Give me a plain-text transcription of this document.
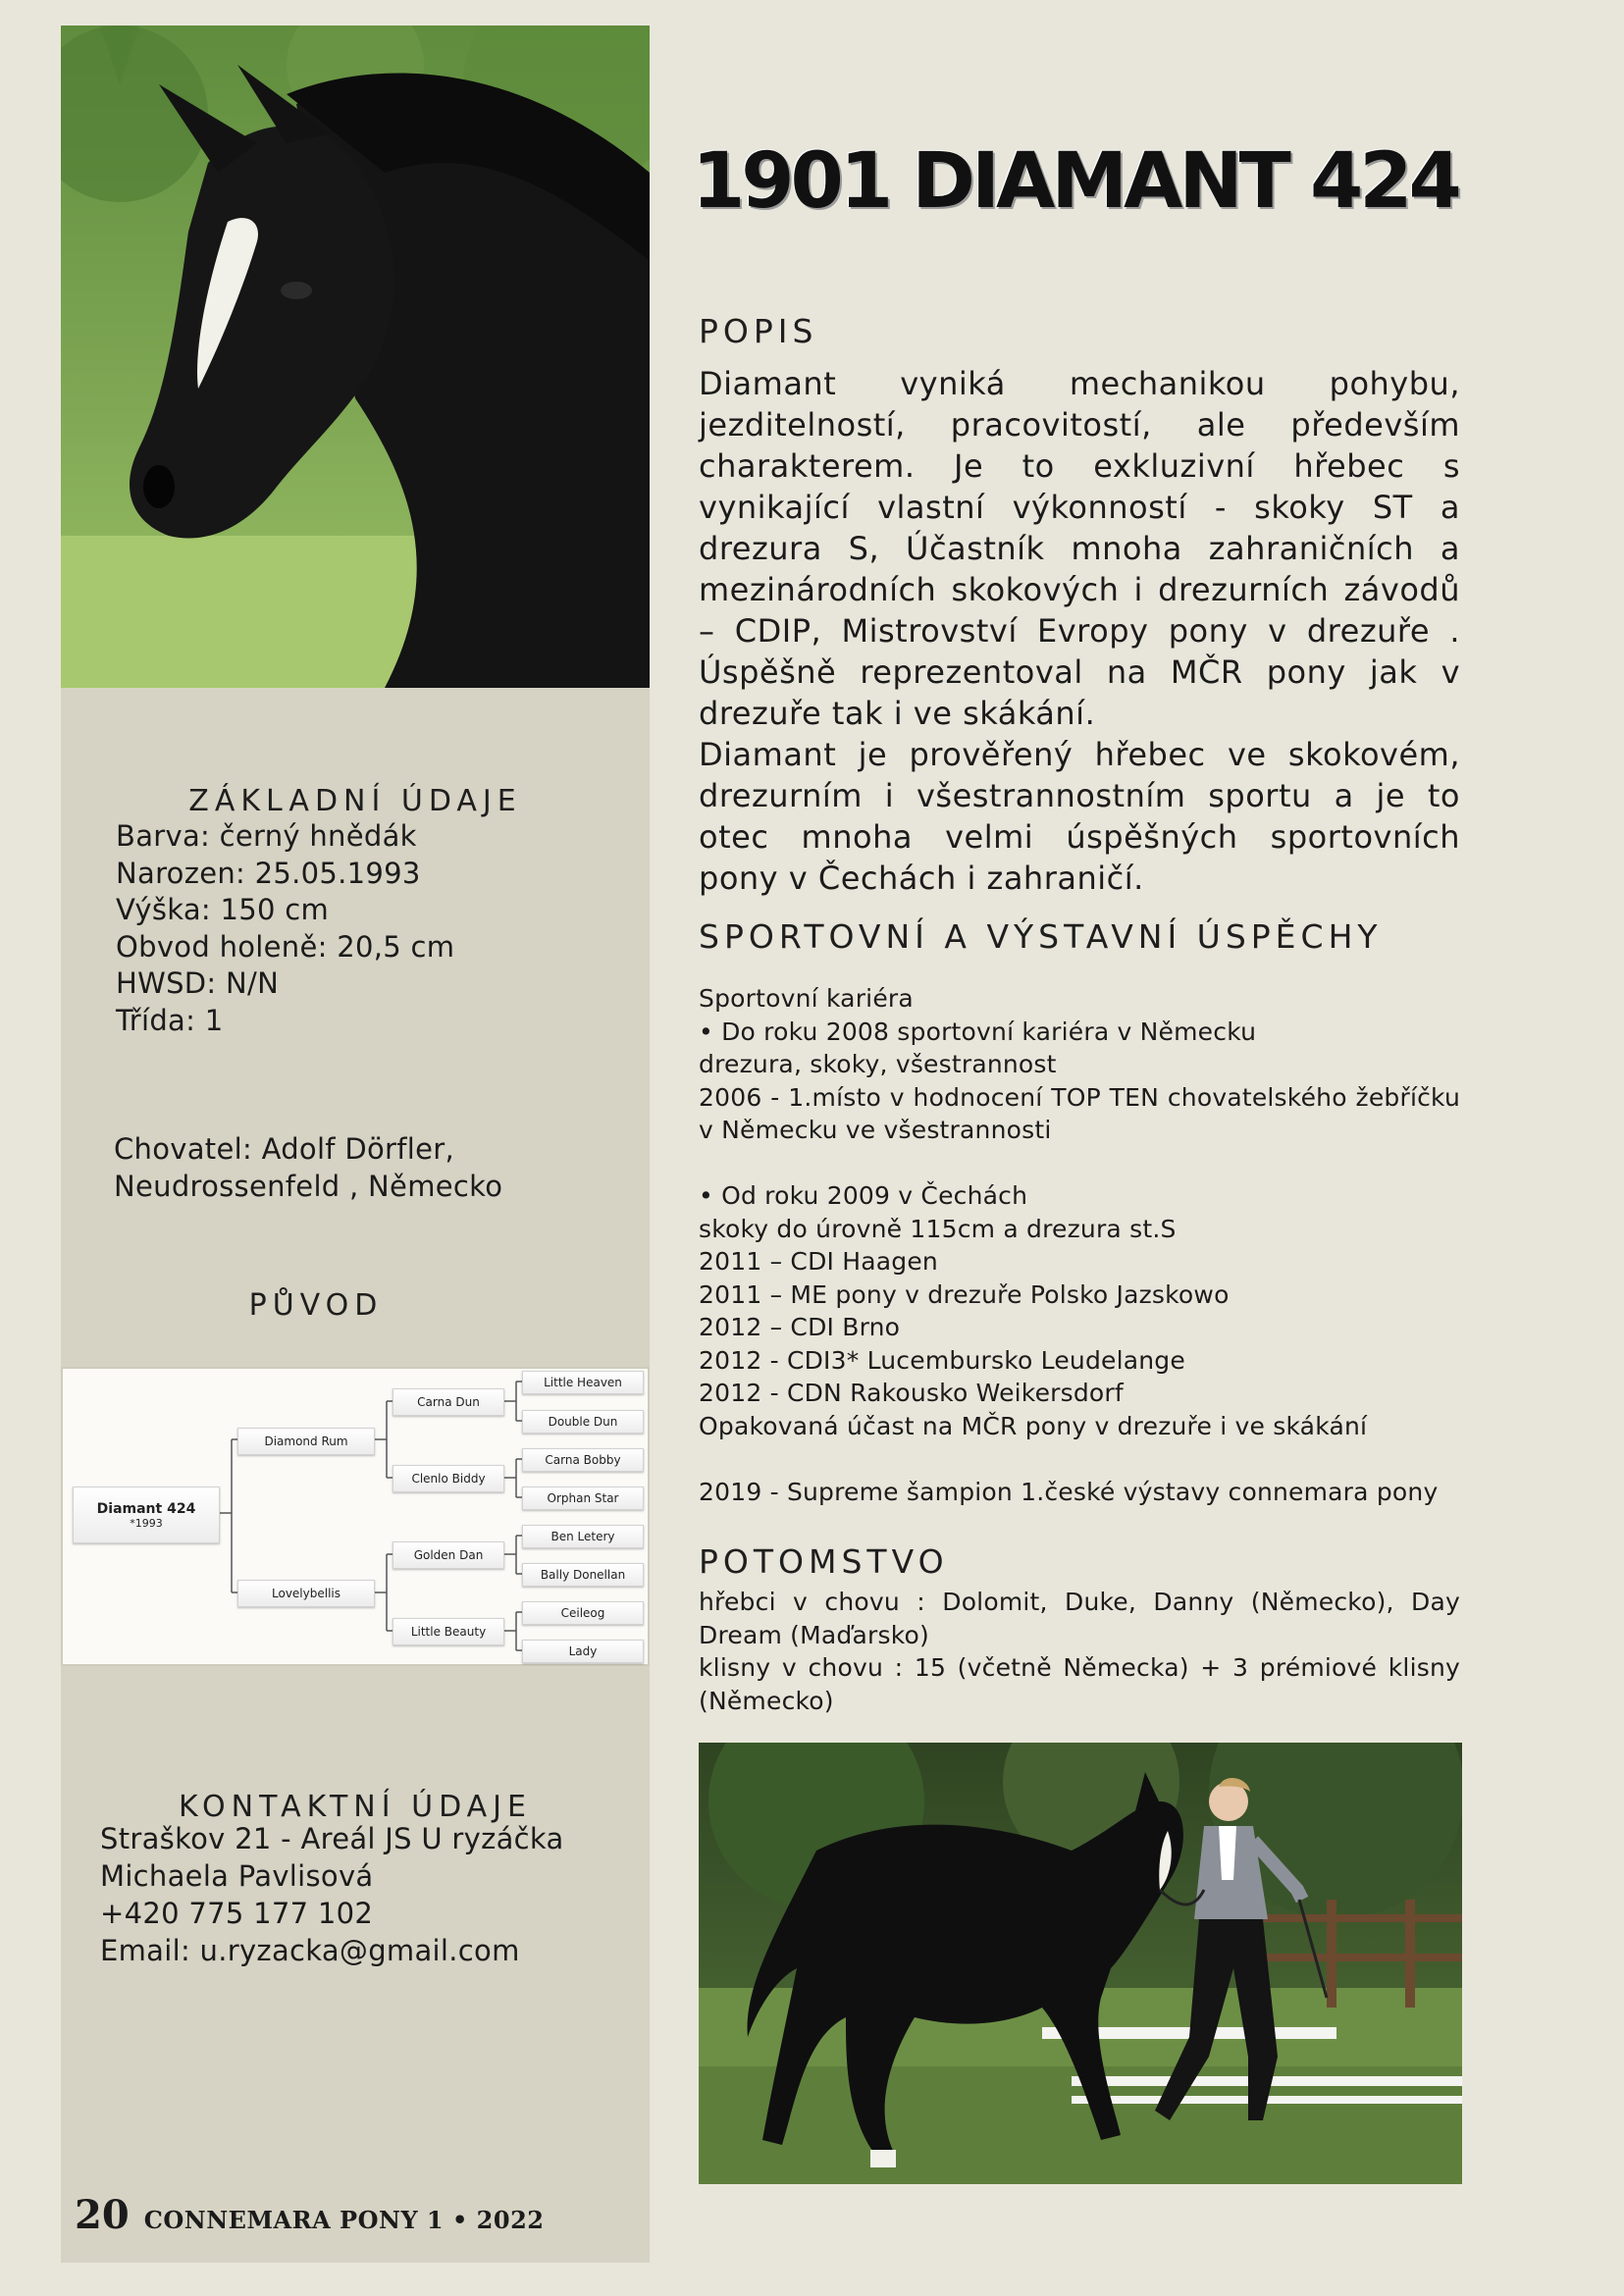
ZÁKLADNÍ ÚDAJE
Barva: černý hnědák
Narozen: 25.05.1993
Výška: 150 cm
Obvod holeně: 20,5 cm
HWSD: N/N
Třída: 1
Chovatel: Adolf Dörfler,
Neudrossenfeld , Německo
PŮVOD
Diamant 424
*1993
Diamond Rum
Lovelybellis
Carna Dun
Clenlo Biddy
Golden Dan
Little Beauty
Little Heaven
Double Dun
Carna Bobby
Orphan Star
Ben Letery
Bally Donellan
Ceileog
Lady
KONTAKTNÍ ÚDAJE
Straškov 21 - Areál JS U ryzáčka
Michaela Pavlisová
+420 775 177 102
Email: u.ryzacka@gmail.com
20 CONNEMARA PONY 1 • 2022
1901 DIAMANT 424
POPIS

Diamant vyniká mechanikou pohybu, jezditelností, pracovitostí, ale především charakterem. Je to exkluzivní hřebec s vynikající vlastní výkonností - skoky ST a drezura S, Účastník mnoha zahraničních a mezinárodních skokových i drezurních závodů – CDIP, Mistrovství Evropy pony v drezuře . Úspěšně reprezentoval na MČR pony jak v drezuře tak i ve skákání.

Diamant je prověřený hřebec ve skokovém, drezurním i všestrannostním sportu a je to otec mnoha velmi úspěšných sportovních pony v Čechách i zahraničí.

SPORTOVNÍ A VÝSTAVNÍ ÚSPĚCHY
Sportovní kariéra
• Do roku 2008 sportovní kariéra v Německu
drezura, skoky, všestrannost
2006 - 1.místo v hodnocení TOP TEN chovatelského žebříčku v Německu ve všestrannosti
• Od roku 2009 v Čechách
skoky do úrovně 115cm a drezura st.S
2011 – CDI Haagen
2011 – ME pony v drezuře Polsko Jazskowo
2012 – CDI Brno
2012 - CDI3* Lucembursko Leudelange
2012 - CDN Rakousko Weikersdorf
Opakovaná účast na MČR pony v drezuře i ve skákání
2019 - Supreme šampion 1.české výstavy connemara pony
POTOMSTVO

hřebci v chovu : Dolomit, Duke, Danny (Německo), Day Dream (Maďarsko)

klisny v chovu : 15 (včetně Německa) + 3 prémiové klisny (Německo)
